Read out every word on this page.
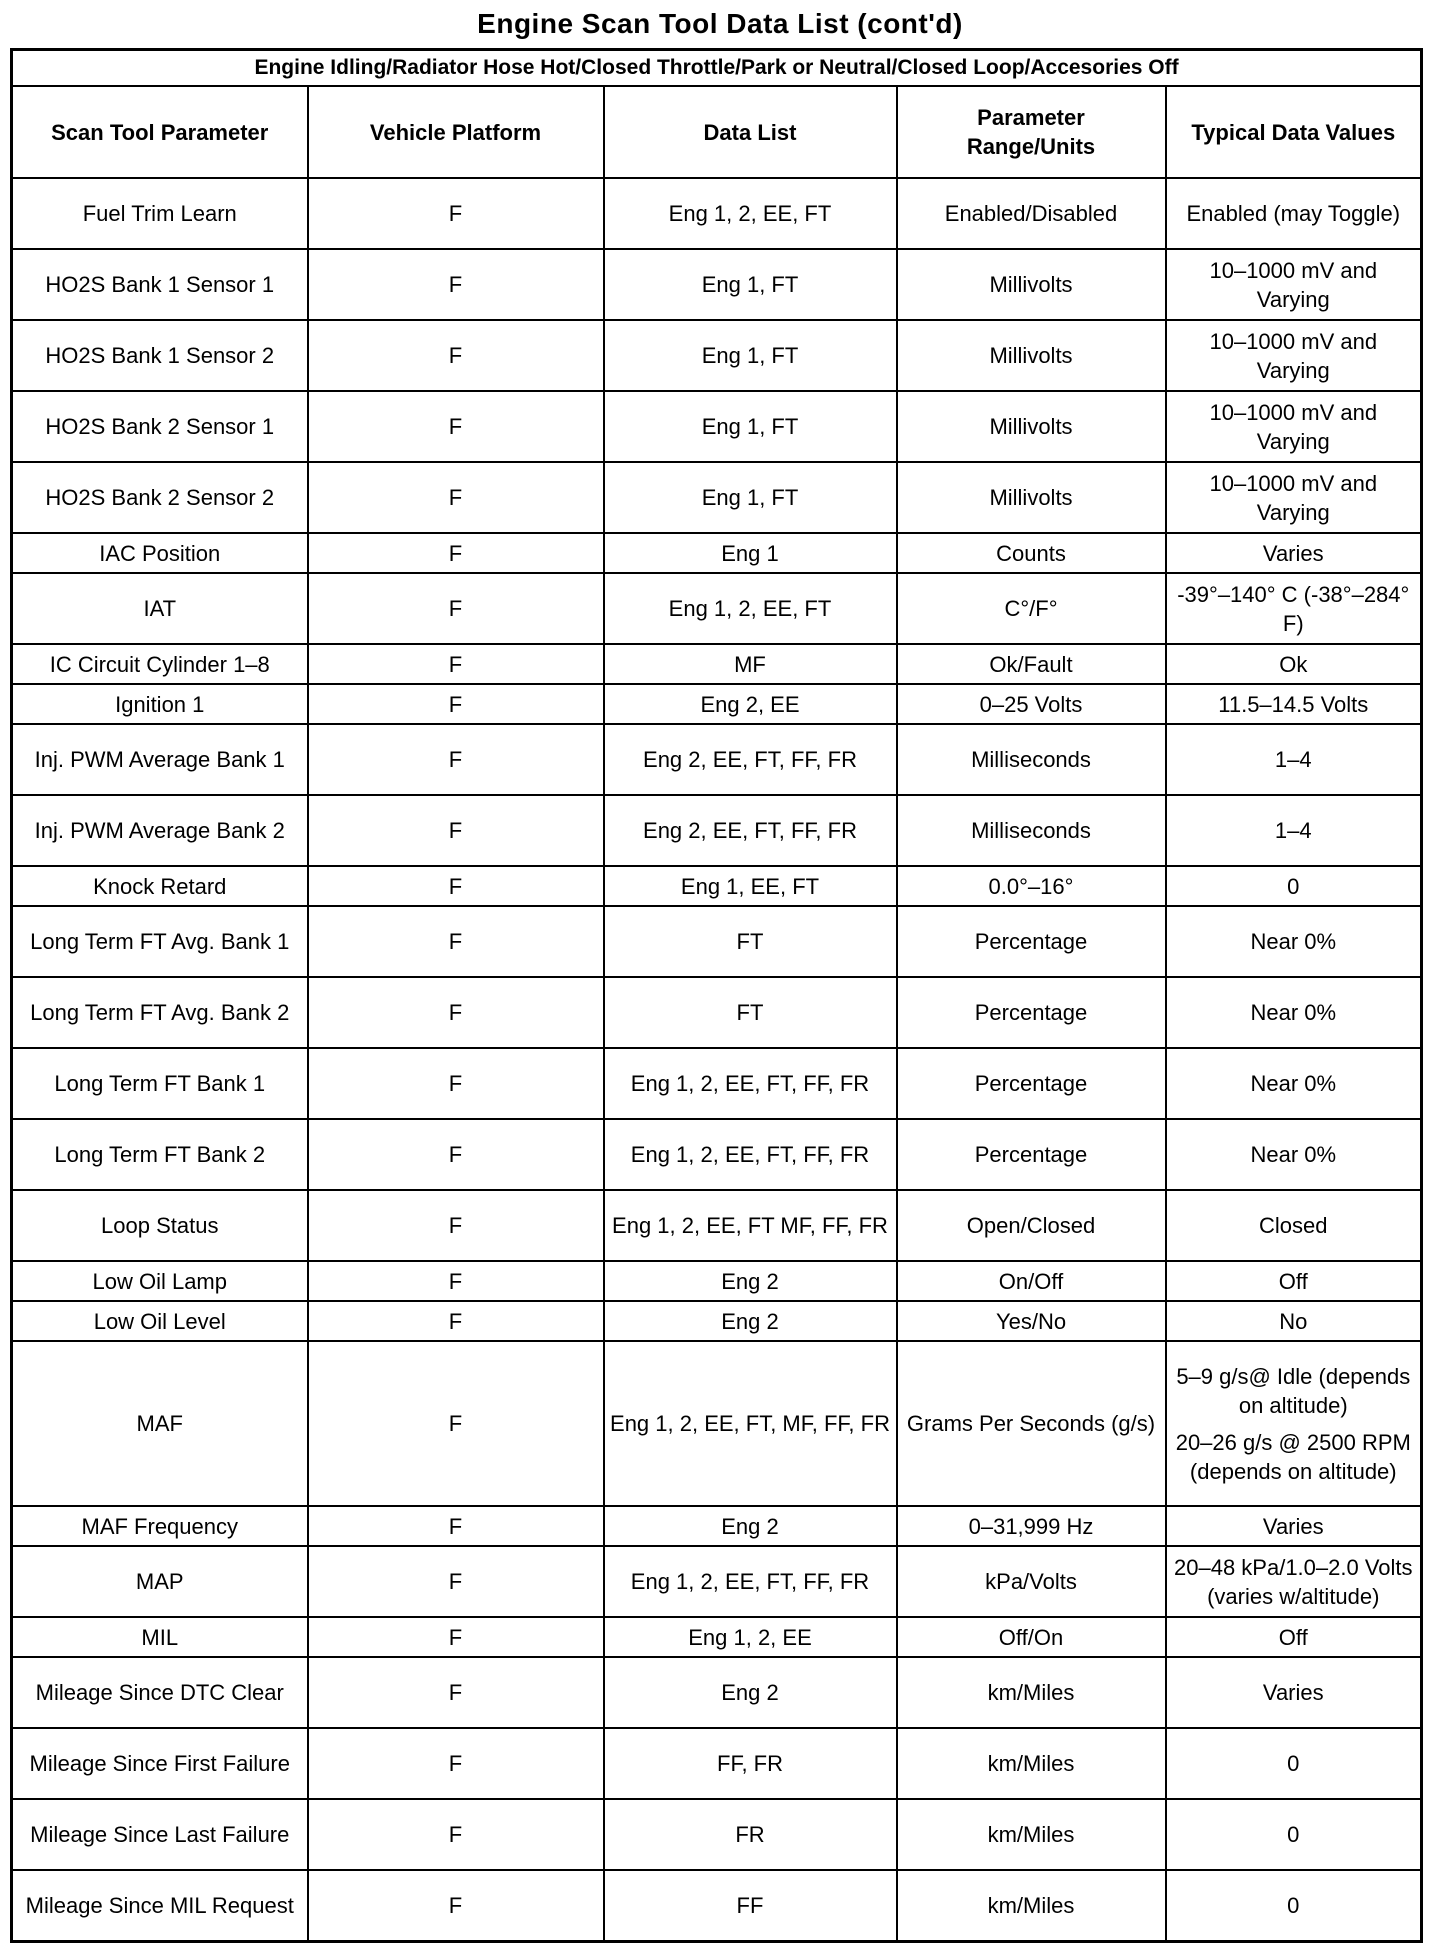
Engine Scan Tool Data List (cont'd)
Engine Idling/Radiator Hose Hot/Closed Throttle/Park or Neutral/Closed Loop/Accesories Off				
Scan Tool Parameter	Vehicle Platform	Data List	Parameter Range/Units	Typical Data Values
Fuel Trim Learn	F	Eng 1, 2, EE, FT	Enabled/Disabled	Enabled (may Toggle)
HO2S Bank 1 Sensor 1	F	Eng 1, FT	Millivolts	10–1000 mV and Varying
HO2S Bank 1 Sensor 2	F	Eng 1, FT	Millivolts	10–1000 mV and Varying
HO2S Bank 2 Sensor 1	F	Eng 1, FT	Millivolts	10–1000 mV and Varying
HO2S Bank 2 Sensor 2	F	Eng 1, FT	Millivolts	10–1000 mV and Varying
IAC Position	F	Eng 1	Counts	Varies
IAT	F	Eng 1, 2, EE, FT	C°/F°	-39°–140° C (-38°–284° F)
IC Circuit Cylinder 1–8	F	MF	Ok/Fault	Ok
Ignition 1	F	Eng 2, EE	0–25 Volts	11.5–14.5 Volts
Inj. PWM Average Bank 1	F	Eng 2, EE, FT, FF, FR	Milliseconds	1–4
Inj. PWM Average Bank 2	F	Eng 2, EE, FT, FF, FR	Milliseconds	1–4
Knock Retard	F	Eng 1, EE, FT	0.0°–16°	0
Long Term FT Avg. Bank 1	F	FT	Percentage	Near 0%
Long Term FT Avg. Bank 2	F	FT	Percentage	Near 0%
Long Term FT Bank 1	F	Eng 1, 2, EE, FT, FF, FR	Percentage	Near 0%
Long Term FT Bank 2	F	Eng 1, 2, EE, FT, FF, FR	Percentage	Near 0%
Loop Status	F	Eng 1, 2, EE, FT MF, FF, FR	Open/Closed	Closed
Low Oil Lamp	F	Eng 2	On/Off	Off
Low Oil Level	F	Eng 2	Yes/No	No
MAF	F	Eng 1, 2, EE, FT, MF, FF, FR	Grams Per Seconds (g/s)	5–9 g/s@ Idle (depends on altitude)
20–26 g/s @ 2500 RPM (depends on altitude)

MAF Frequency	F	Eng 2	0–31,999 Hz	Varies
MAP	F	Eng 1, 2, EE, FT, FF, FR	kPa/Volts	20–48 kPa/1.0–2.0 Volts (varies w/altitude)
MIL	F	Eng 1, 2, EE	Off/On	Off
Mileage Since DTC Clear	F	Eng 2	km/Miles	Varies
Mileage Since First Failure	F	FF, FR	km/Miles	0
Mileage Since Last Failure	F	FR	km/Miles	0
Mileage Since MIL Request	F	FF	km/Miles	0
